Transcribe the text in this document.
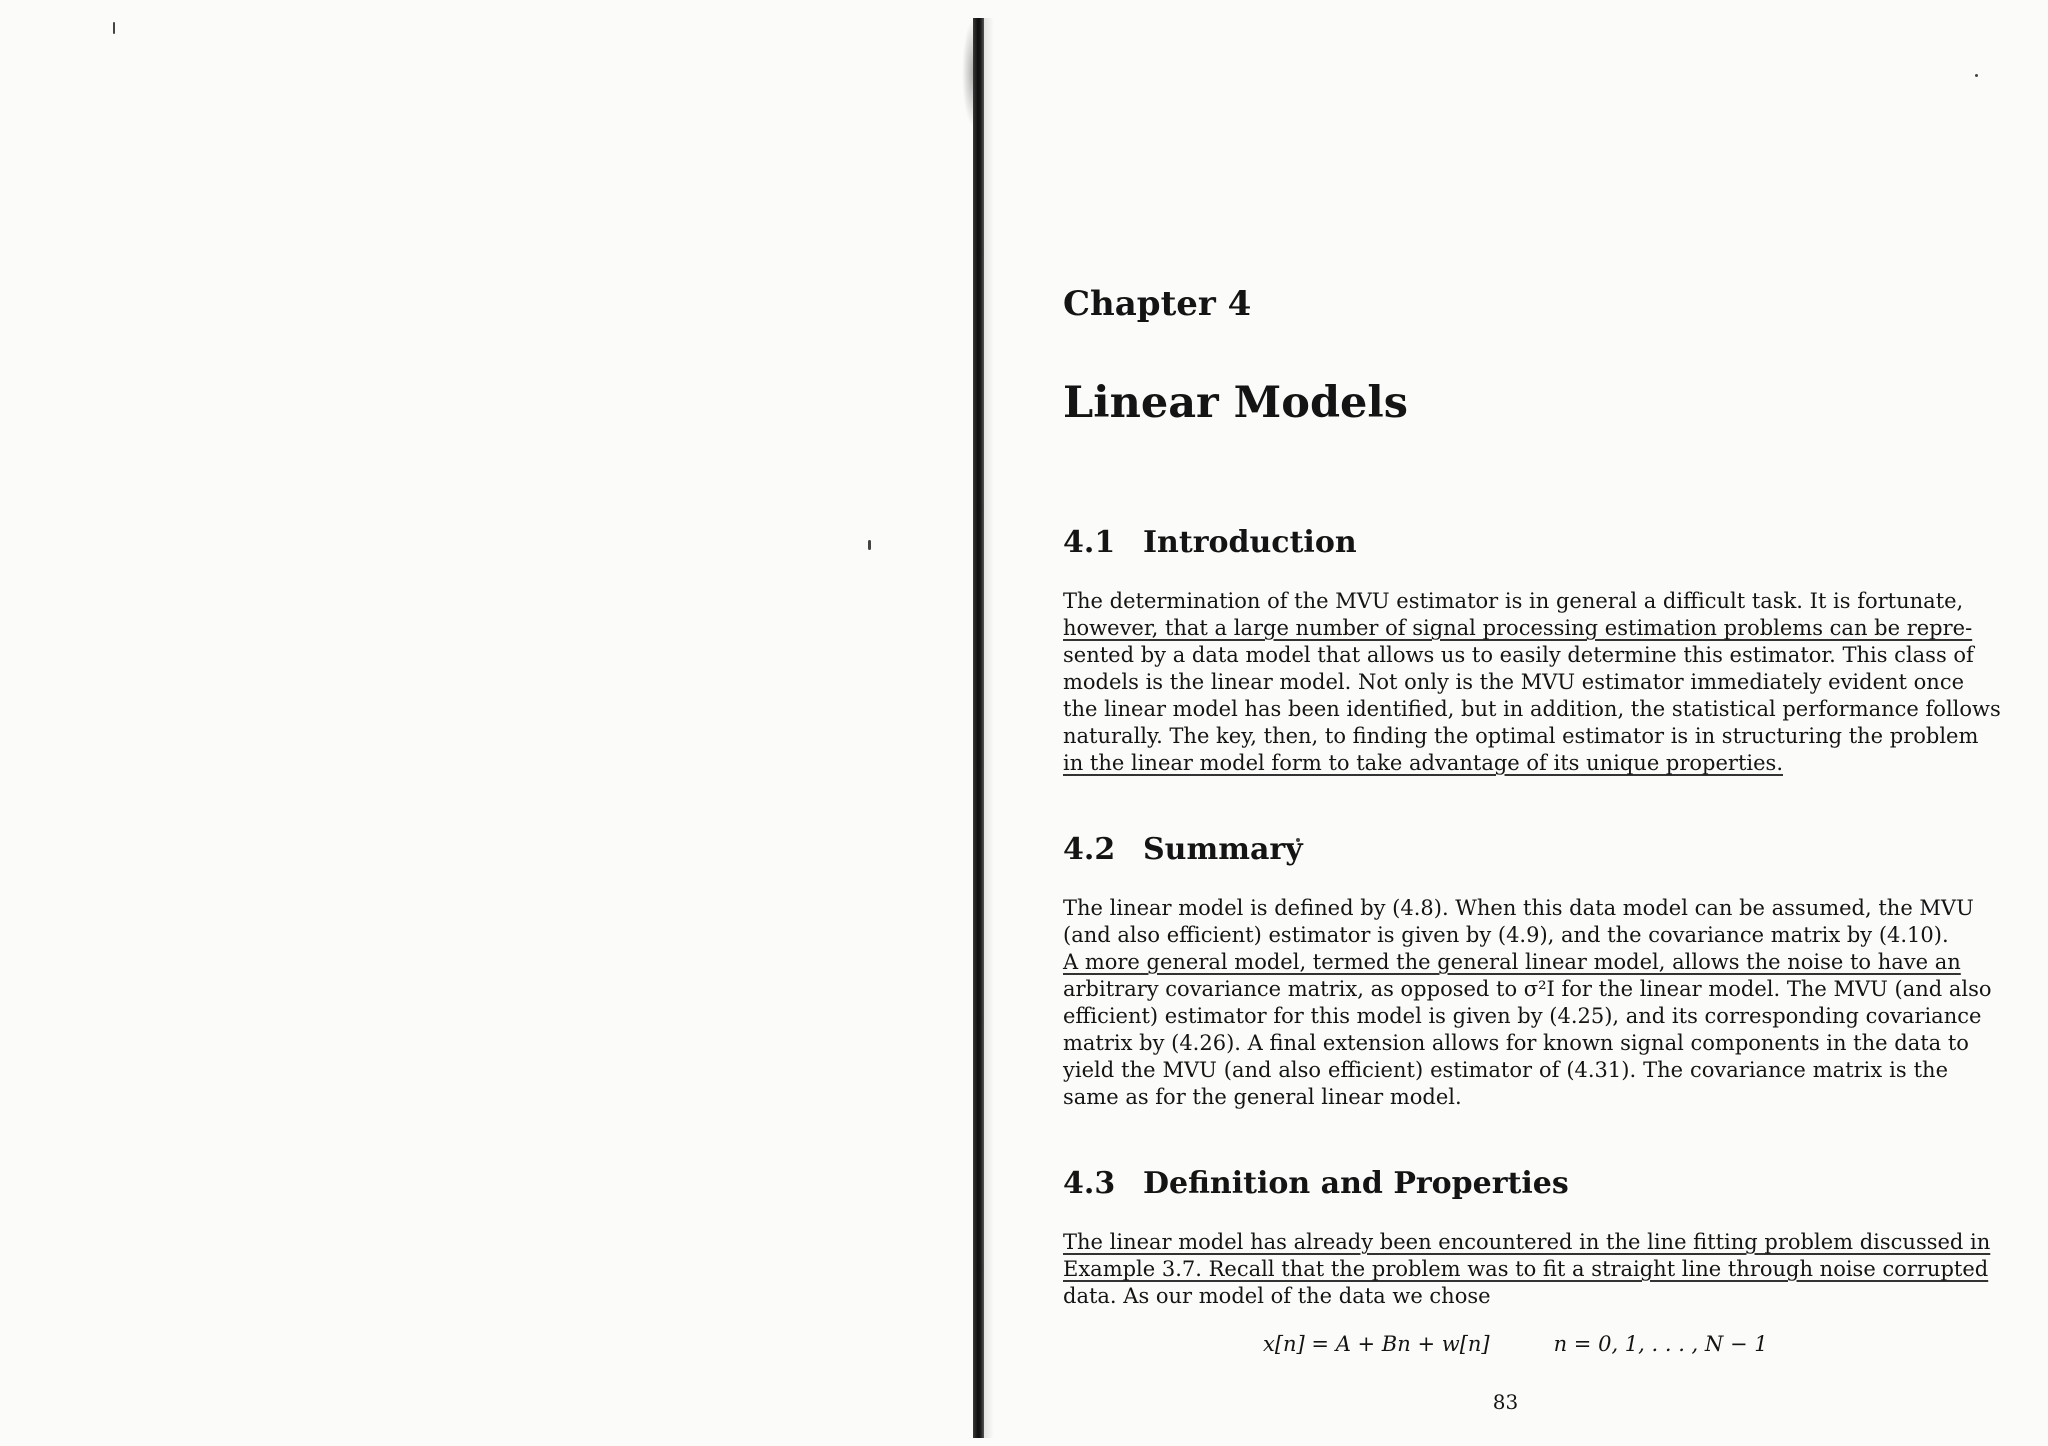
Chapter 4
Linear Models
4.1 Introduction
The determination of the MVU estimator is in general a difficult task. It is fortunate,
however, that a large number of signal processing estimation problems can be repre-
sented by a data model that allows us to easily determine this estimator. This class of
models is the linear model. Not only is the MVU estimator immediately evident once
the linear model has been identified, but in addition, the statistical performance follows
naturally. The key, then, to finding the optimal estimator is in structuring the problem
in the linear model form to take advantage of its unique properties.
4.2 Summary
The linear model is defined by (4.8). When this data model can be assumed, the MVU
(and also efficient) estimator is given by (4.9), and the covariance matrix by (4.10).
A more general model, termed the general linear model, allows the noise to have an
arbitrary covariance matrix, as opposed to σ²I for the linear model. The MVU (and also
efficient) estimator for this model is given by (4.25), and its corresponding covariance
matrix by (4.26). A final extension allows for known signal components in the data to
yield the MVU (and also efficient) estimator of (4.31). The covariance matrix is the
same as for the general linear model.
4.3 Definition and Properties
The linear model has already been encountered in the line fitting problem discussed in
Example 3.7. Recall that the problem was to fit a straight line through noise corrupted
data. As our model of the data we chose

x[n] = A + Bn + w[n]	n = 0, 1, . . . , N − 1

83
